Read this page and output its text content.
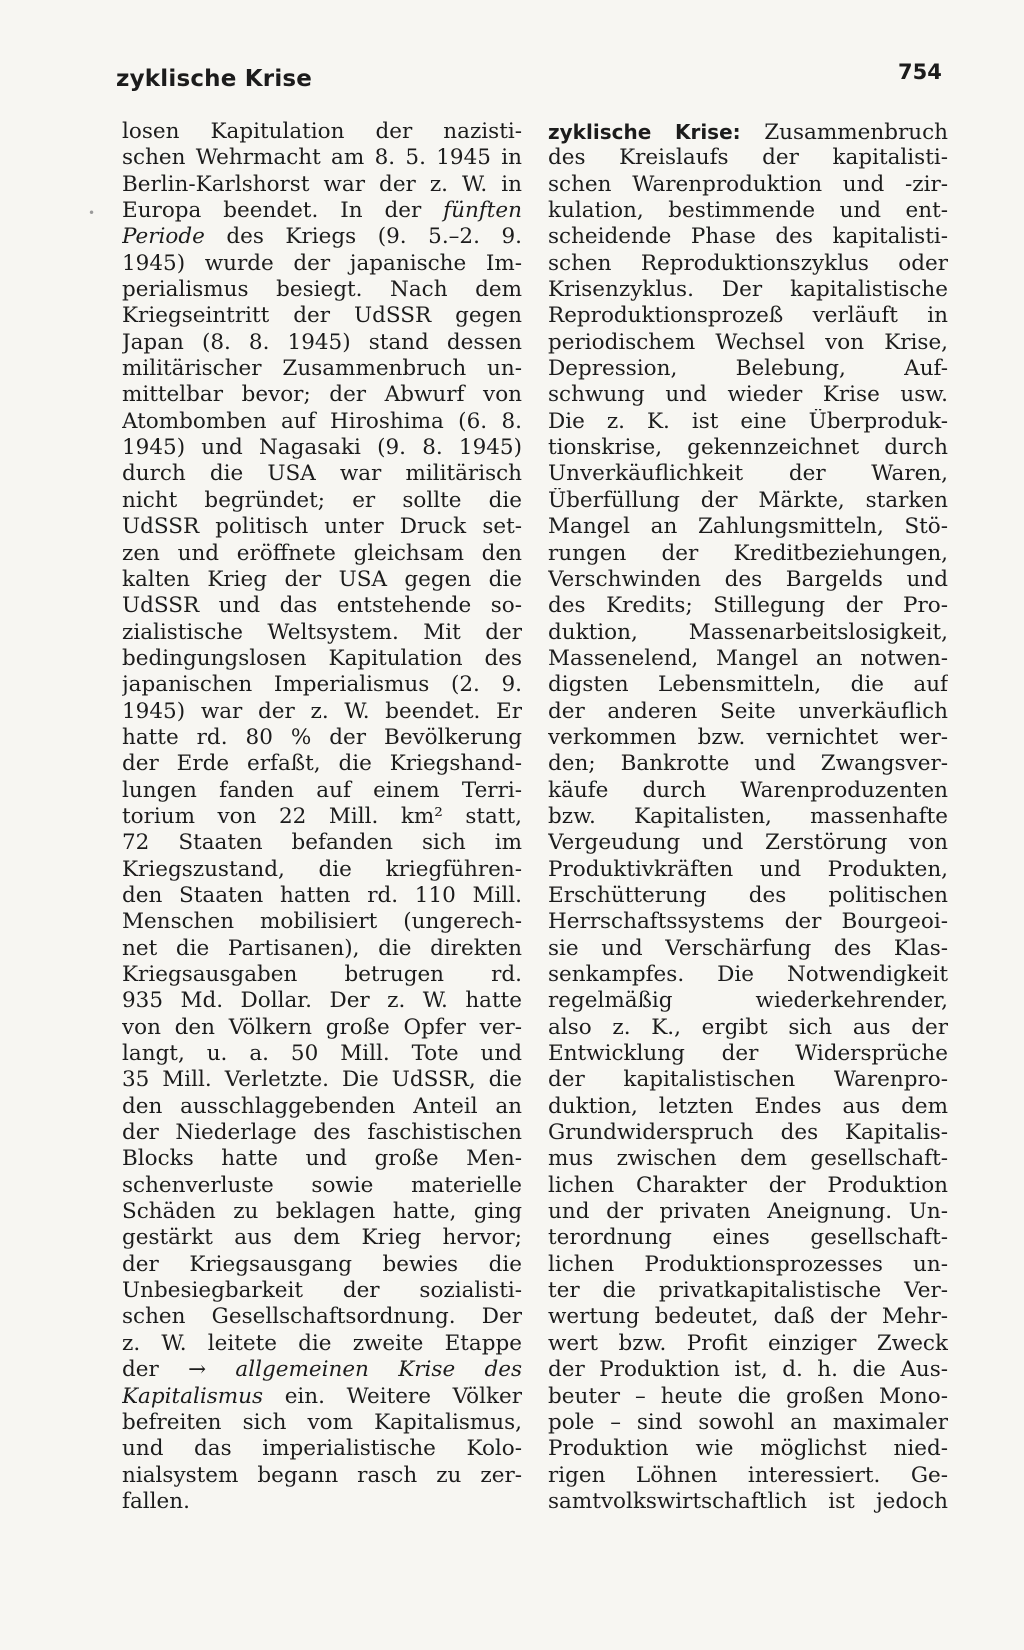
zyklische Krise	754
losen Kapitulation der nazisti-
schen Wehrmacht am 8. 5. 1945 in
Berlin-Karlshorst war der z. W. in
Europa beendet. In der fünften
Periode des Kriegs (9. 5.–2. 9.
1945) wurde der japanische Im-
perialismus besiegt. Nach dem
Kriegseintritt der UdSSR gegen
Japan (8. 8. 1945) stand dessen
militärischer Zusammenbruch un-
mittelbar bevor; der Abwurf von
Atombomben auf Hiroshima (6. 8.
1945) und Nagasaki (9. 8. 1945)
durch die USA war militärisch
nicht begründet; er sollte die
UdSSR politisch unter Druck set-
zen und eröffnete gleichsam den
kalten Krieg der USA gegen die
UdSSR und das entstehende so-
zialistische Weltsystem. Mit der
bedingungslosen Kapitulation des
japanischen Imperialismus (2. 9.
1945) war der z. W. beendet. Er
hatte rd. 80 % der Bevölkerung
der Erde erfaßt, die Kriegshand-
lungen fanden auf einem Terri-
torium von 22 Mill. km² statt,
72 Staaten befanden sich im
Kriegszustand, die kriegführen-
den Staaten hatten rd. 110 Mill.
Menschen mobilisiert (ungerech-
net die Partisanen), die direkten
Kriegsausgaben betrugen rd.
935 Md. Dollar. Der z. W. hatte
von den Völkern große Opfer ver-
langt, u. a. 50 Mill. Tote und
35 Mill. Verletzte. Die UdSSR, die
den ausschlaggebenden Anteil an
der Niederlage des faschistischen
Blocks hatte und große Men-
schenverluste sowie materielle
Schäden zu beklagen hatte, ging
gestärkt aus dem Krieg hervor;
der Kriegsausgang bewies die
Unbesiegbarkeit der sozialisti-
schen Gesellschaftsordnung. Der
z. W. leitete die zweite Etappe
der → allgemeinen Krise des
Kapitalismus ein. Weitere Völker
befreiten sich vom Kapitalismus,
und das imperialistische Kolo-
nialsystem begann rasch zu zer-
fallen.
zyklische Krise: Zusammenbruch
des Kreislaufs der kapitalisti-
schen Warenproduktion und -zir-
kulation, bestimmende und ent-
scheidende Phase des kapitalisti-
schen Reproduktionszyklus oder
Krisenzyklus. Der kapitalistische
Reproduktionsprozeß verläuft in
periodischem Wechsel von Krise,
Depression, Belebung, Auf-
schwung und wieder Krise usw.
Die z. K. ist eine Überproduk-
tionskrise, gekennzeichnet durch
Unverkäuflichkeit der Waren,
Überfüllung der Märkte, starken
Mangel an Zahlungsmitteln, Stö-
rungen der Kreditbeziehungen,
Verschwinden des Bargelds und
des Kredits; Stillegung der Pro-
duktion, Massenarbeitslosigkeit,
Massenelend, Mangel an notwen-
digsten Lebensmitteln, die auf
der anderen Seite unverkäuflich
verkommen bzw. vernichtet wer-
den; Bankrotte und Zwangsver-
käufe durch Warenproduzenten
bzw. Kapitalisten, massenhafte
Vergeudung und Zerstörung von
Produktivkräften und Produkten,
Erschütterung des politischen
Herrschaftssystems der Bourgeoi-
sie und Verschärfung des Klas-
senkampfes. Die Notwendigkeit
regelmäßig wiederkehrender,
also z. K., ergibt sich aus der
Entwicklung der Widersprüche
der kapitalistischen Warenpro-
duktion, letzten Endes aus dem
Grundwiderspruch des Kapitalis-
mus zwischen dem gesellschaft-
lichen Charakter der Produktion
und der privaten Aneignung. Un-
terordnung eines gesellschaft-
lichen Produktionsprozesses un-
ter die privatkapitalistische Ver-
wertung bedeutet, daß der Mehr-
wert bzw. Profit einziger Zweck
der Produktion ist, d. h. die Aus-
beuter – heute die großen Mono-
pole – sind sowohl an maximaler
Produktion wie möglichst nied-
rigen Löhnen interessiert. Ge-
samtvolkswirtschaftlich ist jedoch
•
